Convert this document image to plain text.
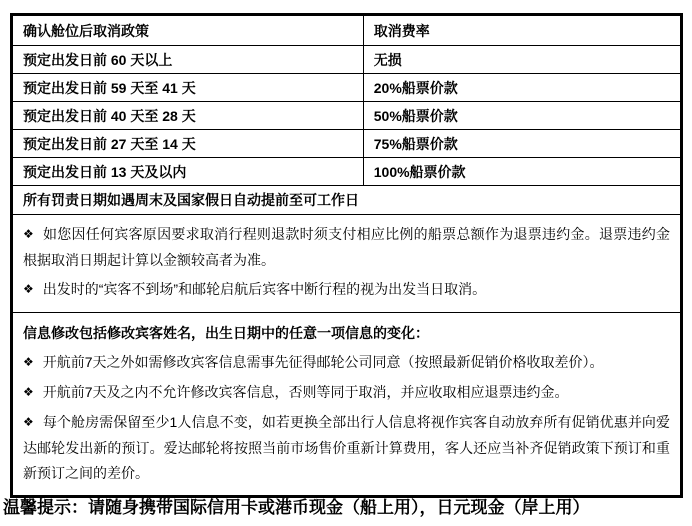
确认舱位后取消政策	取消费率
预定出发日前 60 天以上	无损
预定出发日前 59 天至 41 天	20%船票价款
预定出发日前 40 天至 28 天	50%船票价款
预定出发日前 27 天至 14 天	75%船票价款
预定出发日前 13 天及以内	100%船票价款
所有罚责日期如遇周末及国家假日自动提前至可工作日	

❖ 如您因任何宾客原因要求取消行程则退款时须支付相应比例的船票总额作为退票违约金。退票违约金根据取消日期起计算以金额较高者为准。

❖ 出发时的“宾客不到场”和邮轮启航后宾客中断行程的视为出发当日取消。	

信息修改包括修改宾客姓名，出生日期中的任意一项信息的变化：

❖ 开航前7天之外如需修改宾客信息需事先征得邮轮公司同意（按照最新促销价格收取差价）。

❖ 开航前7天及之内不允许修改宾客信息，否则等同于取消，并应收取相应退票违约金。

❖ 每个舱房需保留至少1人信息不变，如若更换全部出行人信息将视作宾客自动放弃所有促销优惠并向爱达邮轮发出新的预订。爱达邮轮将按照当前市场售价重新计算费用，客人还应当补齐促销政策下预订和重新预订之间的差价。	

温馨提示：请随身携带国际信用卡或港币现金（船上用），日元现金（岸上用）
